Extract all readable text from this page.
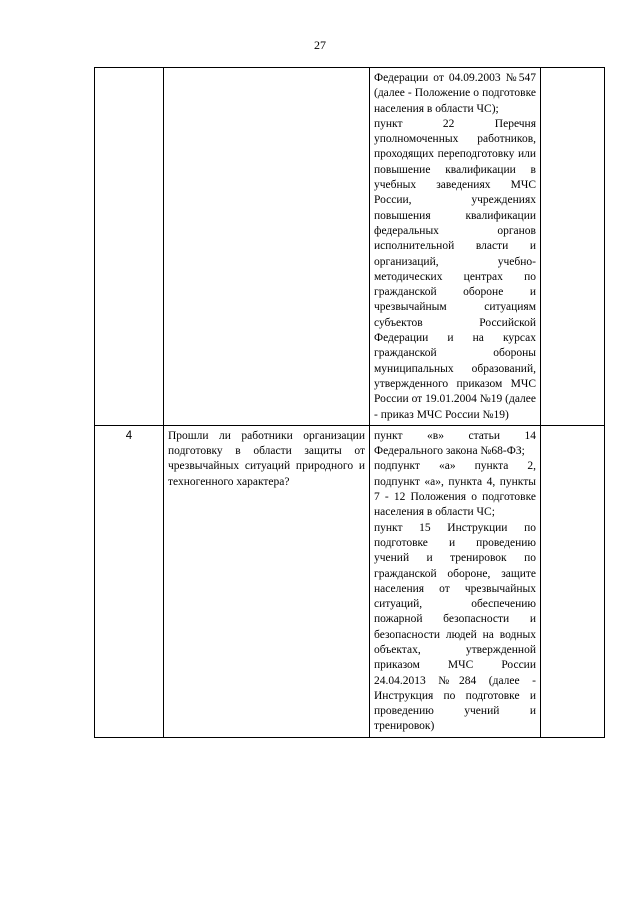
27

		Федерации от 04.09.2003 №547 (далее - Положение о подготовке населения в области ЧС);
пункт 22 Перечня уполномоченных работников, проходящих переподготовку или повышение квалификации в учебных заведениях МЧС России, учреждениях повышения квалификации федеральных органов исполнительной власти и организаций, учебно-методических центрах по гражданской обороне и чрезвычайным ситуациям субъектов Российской Федерации и на курсах гражданской обороны муниципальных образований, утвержденного приказом МЧС России от 19.01.2004 №19 (далее - приказ МЧС России №19)	

4	Прошли ли работники организации подготовку в области защиты от чрезвычайных ситуаций природного и техногенного характера?	пункт «в» статьи 14 Федерального закона №68-ФЗ;
подпункт «а» пункта 2, подпункт «а», пункта 4, пункты 7 - 12 Положения о подготовке населения в области ЧС;
пункт 15 Инструкции по подготовке и проведению учений и тренировок по гражданской обороне, защите населения от чрезвычайных ситуаций, обеспечению пожарной безопасности и безопасности людей на водных объектах, утвержденной приказом МЧС России 24.04.2013 №284 (далее - Инструкция по подготовке и проведению учений и тренировок)	
